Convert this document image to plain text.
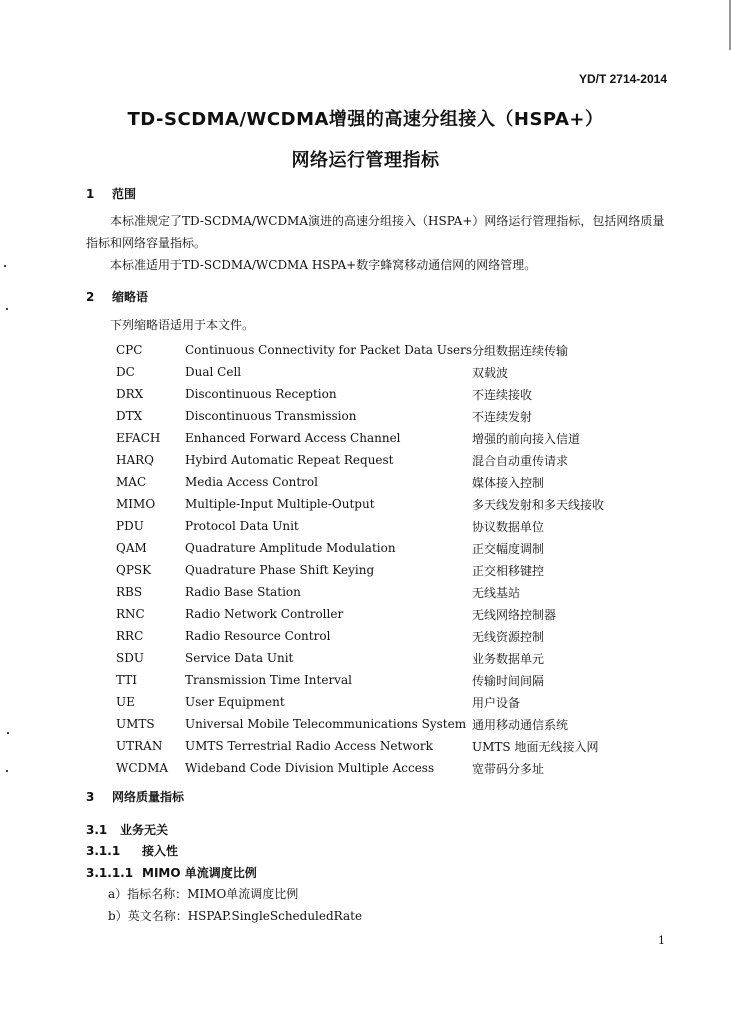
YD/T 2714-2014
TD-SCDMA/WCDMA增强的高速分组接入（HSPA+）
网络运行管理指标
1 范围
本标准规定了TD-SCDMA/WCDMA演进的高速分组接入（HSPA+）网络运行管理指标，包括网络质量指标和网络容量指标。
本标准适用于TD-SCDMA/WCDMA HSPA+数字蜂窝移动通信网的网络管理。
2 缩略语
下列缩略语适用于本文件。
CPC	Continuous Connectivity for Packet Data Users	分组数据连续传输
DC	Dual Cell	双载波
DRX	Discontinuous Reception	不连续接收
DTX	Discontinuous Transmission	不连续发射
EFACH	Enhanced Forward Access Channel	增强的前向接入信道
HARQ	Hybird Automatic Repeat Request	混合自动重传请求
MAC	Media Access Control	媒体接入控制
MIMO	Multiple-Input Multiple-Output	多天线发射和多天线接收
PDU	Protocol Data Unit	协议数据单位
QAM	Quadrature Amplitude Modulation	正交幅度调制
QPSK	Quadrature Phase Shift Keying	正交相移键控
RBS	Radio Base Station	无线基站
RNC	Radio Network Controller	无线网络控制器
RRC	Radio Resource Control	无线资源控制
SDU	Service Data Unit	业务数据单元
TTI	Transmission Time Interval	传输时间间隔
UE	User Equipment	用户设备
UMTS	Universal Mobile Telecommunications System	通用移动通信系统
UTRAN	UMTS Terrestrial Radio Access Network	UMTS 地面无线接入网
WCDMA	Wideband Code Division Multiple Access	宽带码分多址
3 网络质量指标
3.1 业务无关
3.1.1 接入性
3.1.1.1 MIMO 单流调度比例
a）指标名称：MIMO单流调度比例
b）英文名称：HSPAP.SingleScheduledRate
1
